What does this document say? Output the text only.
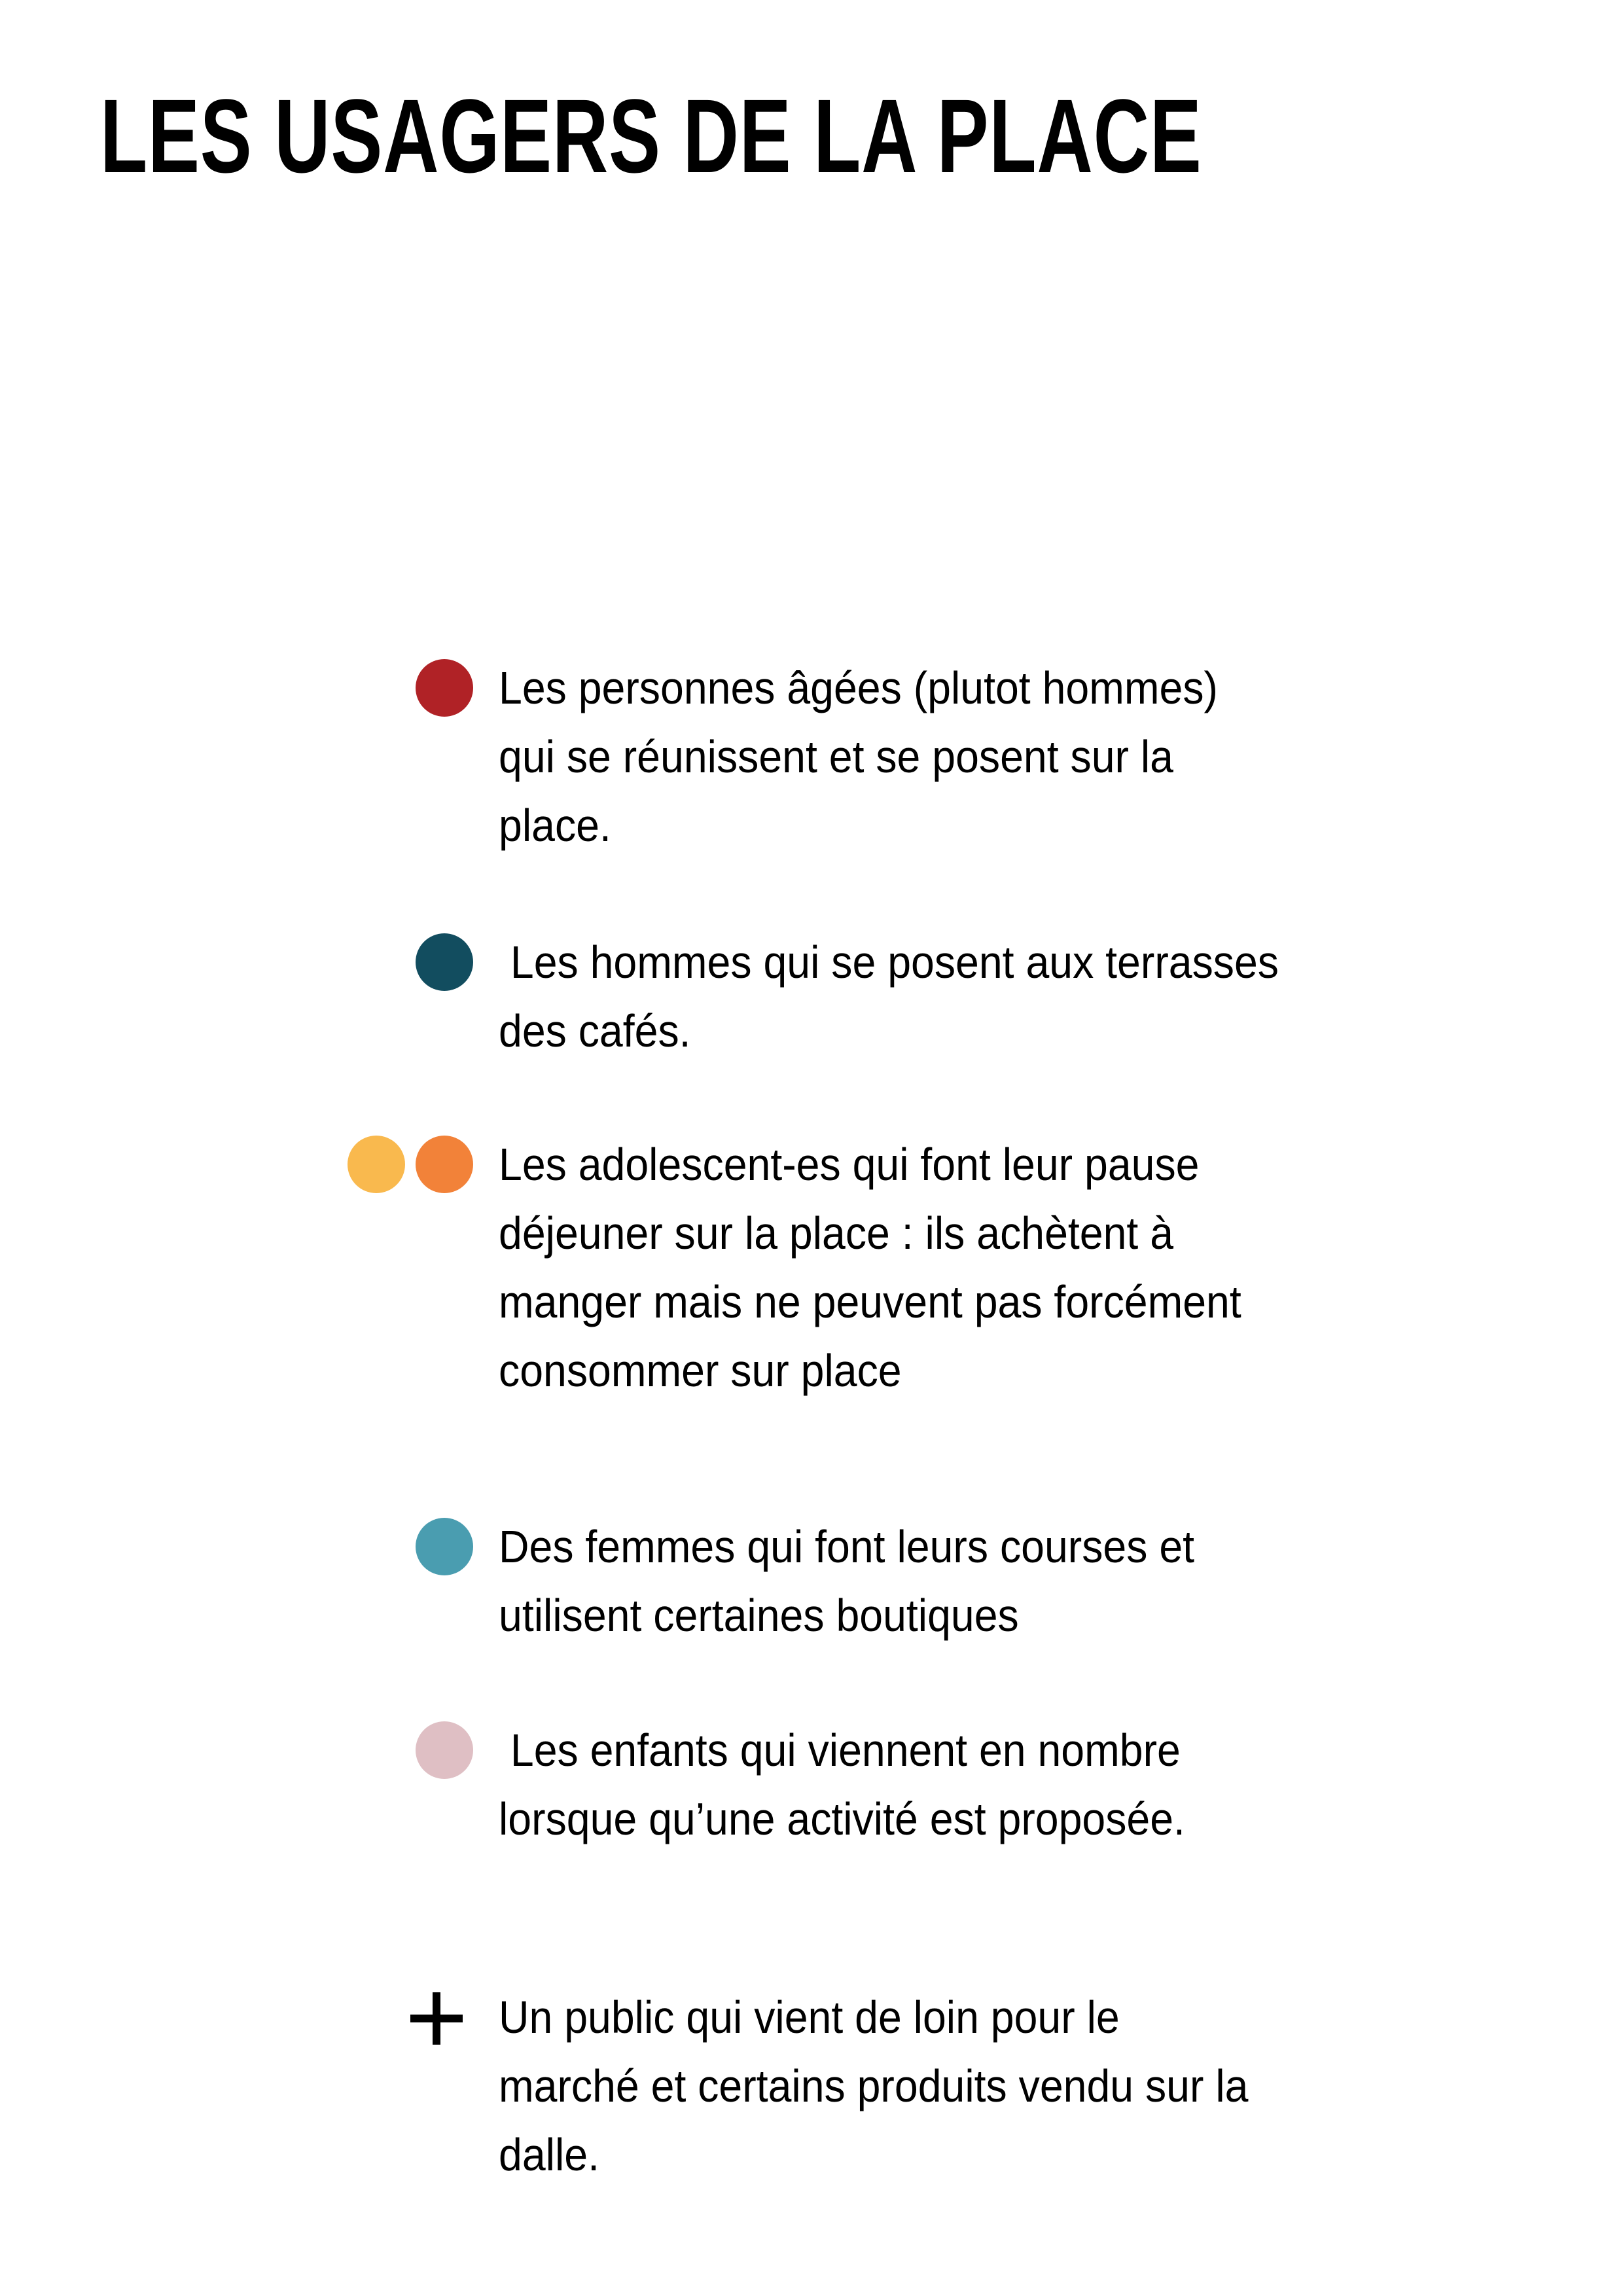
LES USAGERS DE LA PLACE
Les personnes âgées (plutot hommes)
qui se réunissent et se posent sur la
place.
Les hommes qui se posent aux terrasses
des cafés.
Les adolescent-es qui font leur pause
déjeuner sur la place : ils achètent à
manger mais ne peuvent pas forcément
consommer sur place
Des femmes qui font leurs courses et
utilisent certaines boutiques
Les enfants qui viennent en nombre
lorsque qu’une activité est proposée.
Un public qui vient de loin pour le
marché et certains produits vendu sur la
dalle.
